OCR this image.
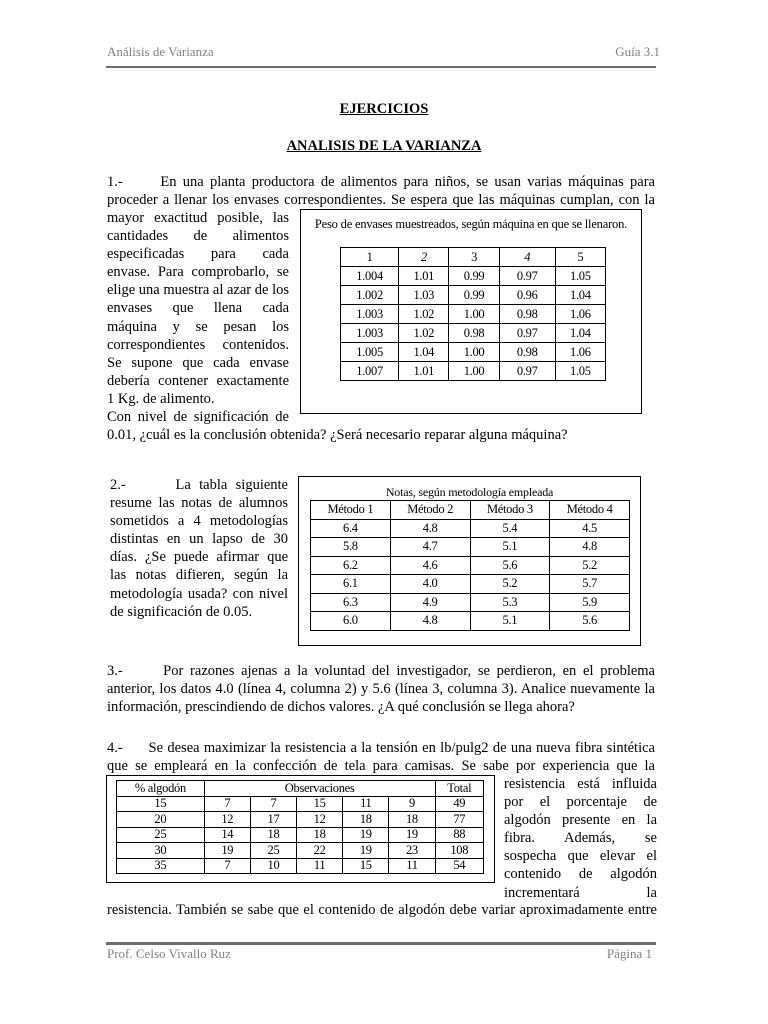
Análisis de Varianza	Guía 3.1
EJERCICIOS
ANALISIS DE LA VARIANZA
1.-      En una planta productora de alimentos para niños, se usan varias máquinas para
proceder a llenar los envases correspondientes. Se espera que las máquinas cumplan, con la
mayor exactitud posible, las
cantidades de alimentos
especificadas para cada
envase. Para comprobarlo, se
elige una muestra al azar de los
envases que llena cada
máquina y se pesan los
correspondientes contenidos.
Se supone que cada envase
debería contener exactamente
1 Kg. de alimento.
Con nivel de significación de
0.01, ¿cuál es la conclusión obtenida? ¿Será necesario reparar alguna máquina?
Peso de envases muestreados, según máquina en que se llenaron.
1	2	3	4	5
1.004	1.01	0.99	0.97	1.05
1.002	1.03	0.99	0.96	1.04
1.003	1.02	1.00	0.98	1.06
1.003	1.02	0.98	0.97	1.04
1.005	1.04	1.00	0.98	1.06
1.007	1.01	1.00	0.97	1.05
2.-      La tabla siguiente
resume las notas de alumnos
sometidos a 4 metodologías
distintas en un lapso de 30
días. ¿Se puede afirmar que
las notas difieren, según la
metodología usada? con nivel
de significación de 0.05.
Notas, según metodología empleada
Método 1	Método 2	Método 3	Método 4
6.4	4.8	5.4	4.5
5.8	4.7	5.1	4.8
6.2	4.6	5.6	5.2
6.1	4.0	5.2	5.7
6.3	4.9	5.3	5.9
6.0	4.8	5.1	5.6
3.-      Por razones ajenas a la voluntad del investigador, se perdieron, en el problema
anterior, los datos 4.0 (línea 4, columna 2) y 5.6 (línea 3, columna 3). Analice nuevamente la
información, prescindiendo de dichos valores. ¿A qué conclusión se llega ahora?
4.-      Se desea maximizar la resistencia a la tensión en lb/pulg2 de una nueva fibra sintética
que se empleará en la confección de tela para camisas. Se sabe por experiencia que la
resistencia está influida
por el porcentaje de
algodón presente en la
fibra. Además, se
sospecha que elevar el
contenido de algodón
incrementará la
resistencia. También se sabe que el contenido de algodón debe variar aproximadamente entre
% algodón	Observaciones					Total
15	7	7	15	11	9	49
20	12	17	12	18	18	77
25	14	18	18	19	19	88
30	19	25	22	19	23	108
35	7	10	11	15	11	54
Prof. Celso Vivallo Ruz	Página 1
